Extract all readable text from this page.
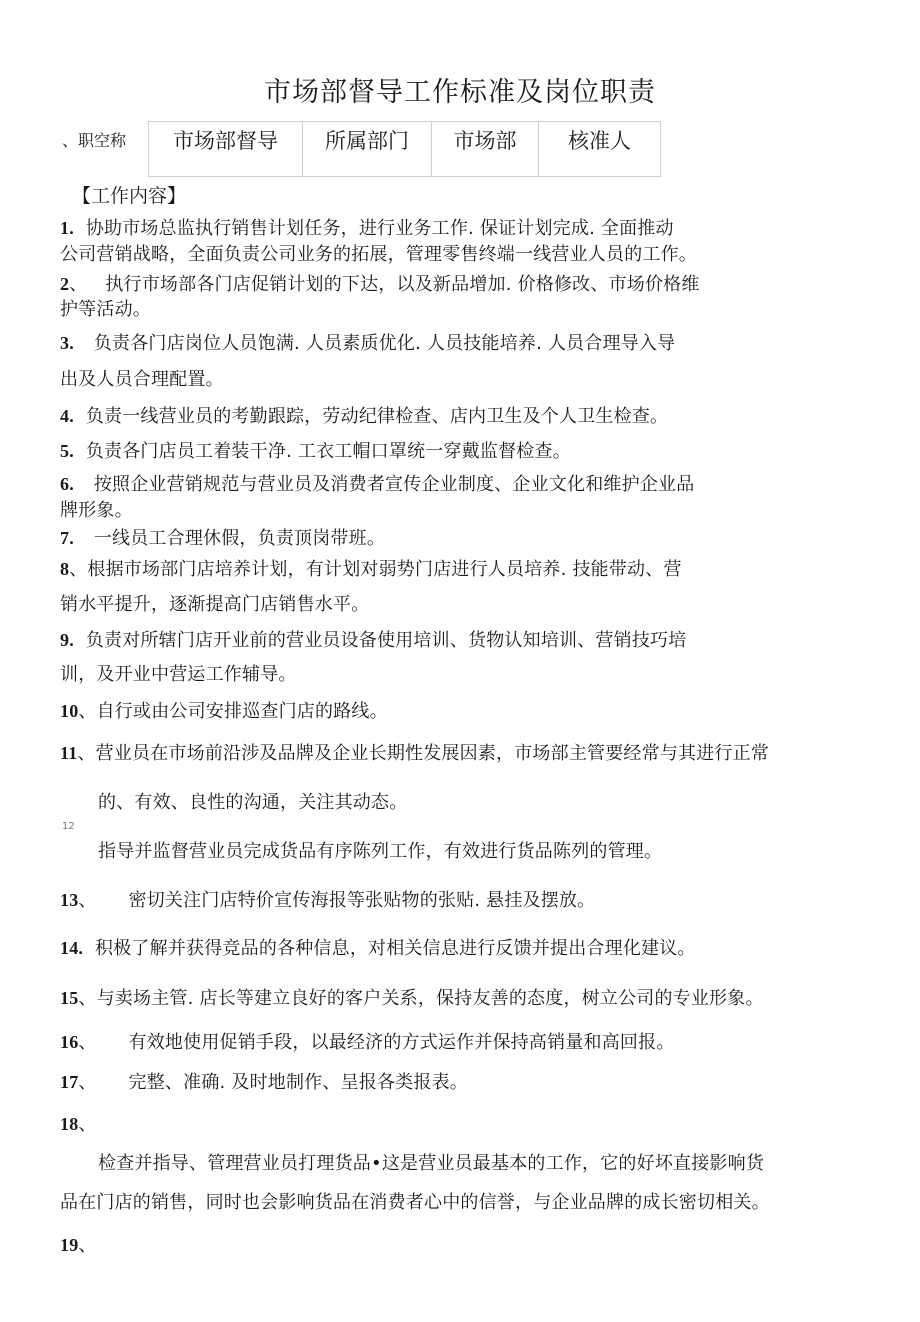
市场部督导工作标准及岗位职责
、职空称	市场部督导	所属部门	市场部	核准人
【工作内容】
1. 协助市场总监执行销售计划任务，进行业务工作. 保证计划完成. 全面推动
公司营销战略，全面负责公司业务的拓展，管理零售终端一线营业人员的工作。
2、 执行市场部各门店促销计划的下达，以及新品增加. 价格修改、市场价格维
护等活动。
3. 负责各门店岗位人员饱满. 人员素质优化. 人员技能培养. 人员合理导入导
出及人员合理配置。
4. 负责一线营业员的考勤跟踪，劳动纪律检查、店内卫生及个人卫生检查。
5. 负责各门店员工着装干净. 工衣工帽口罩统一穿戴监督检查。
6. 按照企业营销规范与营业员及消费者宣传企业制度、企业文化和维护企业品
牌形象。
7. 一线员工合理休假，负责顶岗带班。
8、根据市场部门店培养计划，有计划对弱势门店进行人员培养. 技能带动、营
销水平提升，逐渐提高门店销售水平。
9. 负责对所辖门店开业前的营业员设备使用培训、货物认知培训、营销技巧培
训，及开业中营运工作辅导。
10、自行或由公司安排巡查门店的路线。
11、营业员在市场前沿涉及品牌及企业长期性发展因素，市场部主管要经常与其进行正常
的、有效、良性的沟通，关注其动态。
12
指导并监督营业员完成货品有序陈列工作，有效进行货品陈列的管理。
13、 密切关注门店特价宣传海报等张贴物的张贴. 悬挂及摆放。
14. 积极了解并获得竞品的各种信息，对相关信息进行反馈并提出合理化建议。
15、与卖场主管. 店长等建立良好的客户关系，保持友善的态度，树立公司的专业形象。
16、 有效地使用促销手段，以最经济的方式运作并保持高销量和高回报。
17、 完整、准确. 及时地制作、呈报各类报表。
18、
检查并指导、管理营业员打理货品•这是营业员最基本的工作，它的好坏直接影响货
品在门店的销售，同时也会影响货品在消费者心中的信誉，与企业品牌的成长密切相关。
19、
